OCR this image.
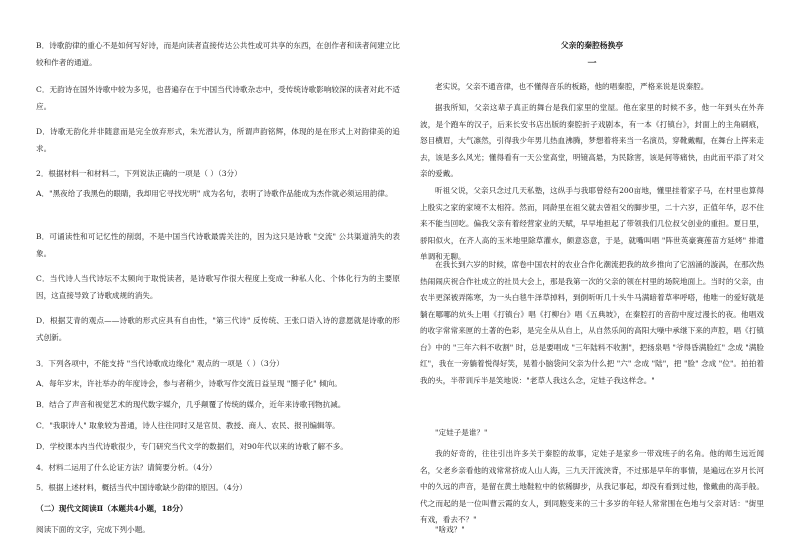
B．诗歌韵律的重心不是如何写好诗，而是向读者直接传达公共性或可共享的东西，在创作者和读者间建立比较和作者的通道。

C．无韵诗在国外诗歌中较为多见，也普遍存在于中国当代诗歌杂志中，受传统诗歌影响较深的读者对此不适应。

D．诗歌无韵化并非随意而是完全放弃形式，朱光潜认为，所谓声韵铭辉，体现的是在形式上对韵律美的追求。

2．根据材料一和材料二，下列说法正确的一项是（ ）（3分）

A．"黑夜给了我黑色的眼睛，我却用它寻找光明" 成为名句，表明了诗歌作品能成为杰作就必须运用韵律。

B．可诵读性和可记忆性的削弱，不是中国当代诗歌最需关注的，因为这只是诗歌 "交流" 公共渠道消失的表象。

C．当代诗人当代诗坛不太频向于取悦读者，是诗歌写作很大程度上变成一种私人化、个体化行为的主要原因，这直接导致了诗歌成规的消失。

D．根据艾青的观点——诗歌的形式应具有自由性，"第三代诗" 反传统、王张口语入诗的意愿就是诗歌的形式创新。

3．下列各项中，不能支持 "当代诗歌成边缘化" 观点的一项是（ ）（3分）

A．每年岁末，许社举办的年度诗会，参与者稍少，诗歌写作交流日益呈现 "圈子化" 倾向。

B．结合了声音和视觉艺术的现代数字媒介，几乎颠覆了传统的媒介，近年来诗歌刊物抗减。

C．"我职诗人" 取象较为普通，诗人往往同时又是官员、教授、商人、农民、报刊编辑等。

D．学校课本内当代诗歌很少，专门研究当代文学的数据们，对90年代以来的诗歌了解不多。

4．材料二运用了什么论证方法？请简要分析。（4分）

5．根据上述材料，概括当代中国诗歌缺少韵律的原因。（4分）

（二）现代文阅读Ⅱ（本题共4小题，18分）

阅读下面的文字，完成下列小题。

父亲的秦腔杨换亭

一

老实说，父亲不通音律，也不懂得音乐的板路，他的唱秦腔，严格来说是说秦腔。

据我所知，父亲这辈子真正的舞台是我们家里的堂屋。他在家里的时候不多，他一年到头在外奔波，是个跑车的汉子，后来长安书店出版的秦腔折子戏剧本，有一本《打镇台》，封面上的主角刷痕，怒目横眉，大气凛然，引得我少年男儿热血沸腾，梦想着将来当一名演员，穿靴戴帽，在舞台上挥来走去，该是多么风光；懂得看有一天公堂高堂，明镜高悬，为民除害，该是何等痛快，由此而平添了对父亲的爱戴。

听祖父说，父亲只念过几天私塾，这纵手与我耶曾经有200亩地，懂里挂着家子马，在村里也算得上殷实之家的家境不太相符。然而，同龄里在祖父就去曾祖父的脚步里，二十六岁，正值年华，忍不住来不能当回吃。偏我父亲有着经营家业的天赋，早早地担起了带领我们几位叔父创业的重担。夏日里，骄阳似火，在齐人高的玉米地里除草灌水，颇意恣意，于是，就嘴叫唱 "阵世英豪赛莲苗方延烤" 排遣单调和无聊。

在我长到六岁的时候，席卷中国农村的农业合作化潮流把我的故乡推向了它汹涌的漩涡，在那次热热闹闹庆祝合作社成立的社员大会上，那是我第一次的父亲的领在村里的场院地面上。当时的父亲，由农半更深被弄陈寒，为一头白毯牛泽草掉料，到倒听听几十头牛马满暗着草率呼嗒，他唯一的爱好就是躺在哪哪的炕头上唱《打镇台》唱《打柳台》唱《五典坡》，在秦腔打的音韵中度过漫长的夜。他唱戏的收字常常来匣的土著的色彩，是完全从从自上，从自然乐间的高阳大噪中承继下来的声腔，唱《打镇台》中的 "三年六料不收割" 时，总是要唱成 "三年陆料不收割"，把扬泉唱 "爷得昏满脸红" 念成 "满脸红"，我在一旁躺着悦得好笑，晃着小脑袋问父亲为什么把 "六" 念成 "陆"，把 "脸" 念成 "位"。拍拍着我的头，半带训斥半是笑地说："老草人我这么念，定娃子我这样念。"

"定娃子是谁？"

我的好奇的，往往引出许多关于秦腔的故事，定娃子是家乡一带戏班子的名角。他的师生远近闻名，父老乡亲看他的戏常常挤成人山人海，三九天汗流浃背，不过那是早年的事情，是遍远在岁月长河中的久远的声音，是留在黄土地鞋粒中的依稀脚步，从我记事起，却没有看到过他，像戴曲的高手般。代之而起的是一位叫曹云霞的女人，到同胞变来的三十多岁的年轻人常常围在色地与父亲对话："街里有戏，看去不？"

"啥戏？"
